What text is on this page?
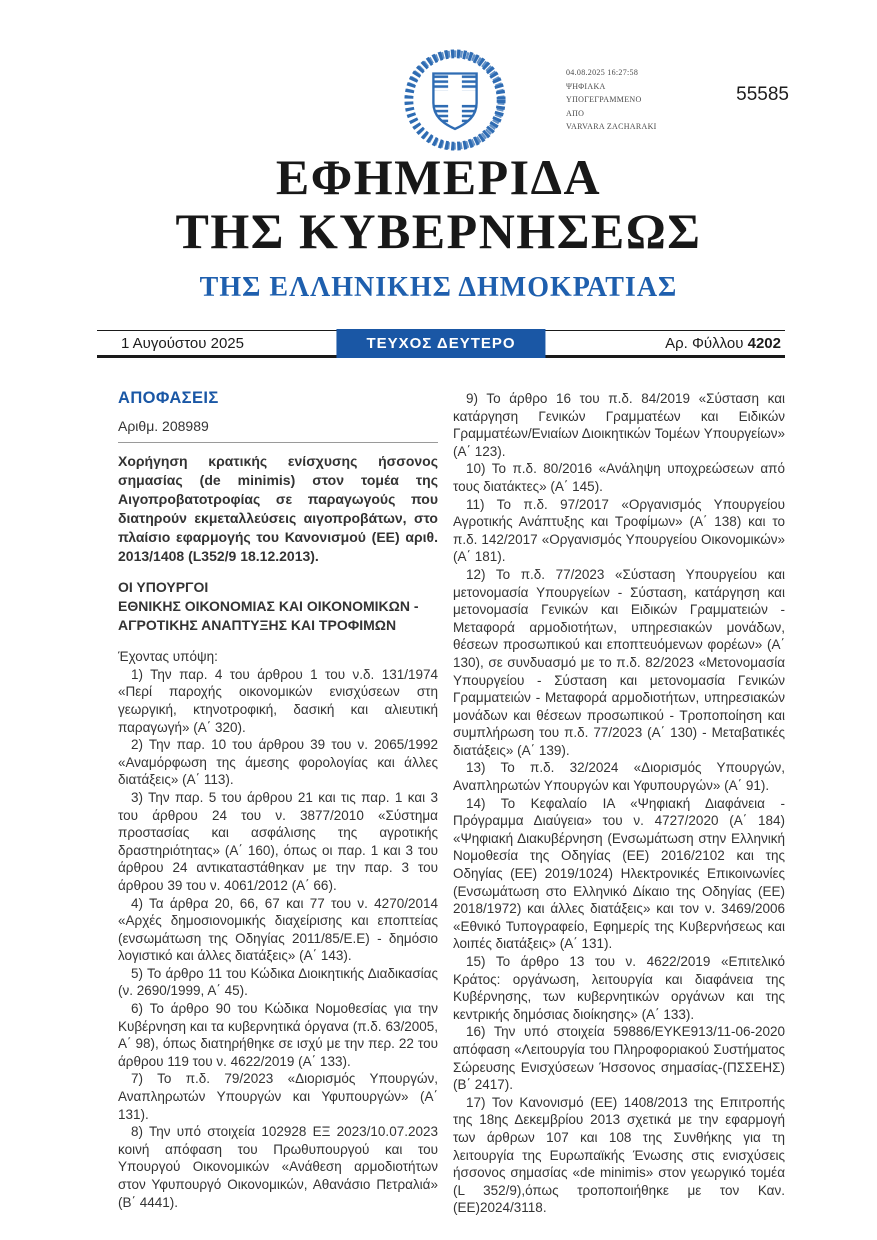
04.08.2025 16:27:58
ΨΗΦΙΑΚΑ
ΥΠΟΓΕΓΡΑΜΜΕΝΟ
ΑΠΟ
VARVARA ZACHARAKI
55585
ΕΦΗΜΕΡΙΔΑ
ΤΗΣ ΚΥΒΕΡΝΗΣΕΩΣ
ΤΗΣ ΕΛΛΗΝΙΚΗΣ ΔΗΜΟΚΡΑΤΙΑΣ
1 Αυγούστου 2025	ΤΕΥΧΟΣ ΔΕΥΤΕΡΟ	Αρ. Φύλλου 4202
ΑΠΟΦΑΣΕΙΣ
Αριθμ. 208989

Χορήγηση κρατικής ενίσχυσης ήσσονος σημασίας (de minimis) στον τομέα της Αιγοπροβατοτροφίας σε παραγωγούς που διατηρούν εκμεταλλεύσεις αιγοπροβάτων, στο πλαίσιο εφαρμογής του Κανονισμού (ΕΕ) αριθ. 2013/1408 (L352/9 18.12.2013).

ΟΙ ΥΠΟΥΡΓΟΙ
ΕΘΝΙΚΗΣ ΟΙΚΟΝΟΜΙΑΣ ΚΑΙ ΟΙΚΟΝΟΜΙΚΩΝ -
ΑΓΡΟΤΙΚΗΣ ΑΝΑΠΤΥΞΗΣ ΚΑΙ ΤΡΟΦΙΜΩΝ

Έχοντας υπόψη:

1) Την παρ. 4 του άρθρου 1 του ν.δ. 131/1974 «Περί παροχής οικονομικών ενισχύσεων στη γεωργική, κτηνοτροφική, δασική και αλιευτική παραγωγή» (Α΄ 320).

2) Την παρ. 10 του άρθρου 39 του ν. 2065/1992 «Αναμόρφωση της άμεσης φορολογίας και άλλες διατάξεις» (Α΄ 113).

3) Την παρ. 5 του άρθρου 21 και τις παρ. 1 και 3 του άρθρου 24 του ν. 3877/2010 «Σύστημα προστασίας και ασφάλισης της αγροτικής δραστηριότητας» (Α΄ 160), όπως οι παρ. 1 και 3 του άρθρου 24 αντικαταστάθηκαν με την παρ. 3 του άρθρου 39 του ν. 4061/2012 (Α΄ 66).

4) Τα άρθρα 20, 66, 67 και 77 του ν. 4270/2014 «Αρχές δημοσιονομικής διαχείρισης και εποπτείας (ενσωμάτωση της Οδηγίας 2011/85/Ε.Ε) - δημόσιο λογιστικό και άλλες διατάξεις» (Α΄ 143).

5) Το άρθρο 11 του Κώδικα Διοικητικής Διαδικασίας (ν. 2690/1999, Α΄ 45).

6) Το άρθρο 90 του Κώδικα Νομοθεσίας για την Κυβέρνηση και τα κυβερνητικά όργανα (π.δ. 63/2005, Α΄ 98), όπως διατηρήθηκε σε ισχύ με την περ. 22 του άρθρου 119 του ν. 4622/2019 (Α΄ 133).

7) Το π.δ. 79/2023 «Διορισμός Υπουργών, Αναπληρωτών Υπουργών και Υφυπουργών» (Α΄ 131).

8) Την υπό στοιχεία 102928 ΕΞ 2023/10.07.2023 κοινή απόφαση του Πρωθυπουργού και του Υπουργού Οικονομικών «Ανάθεση αρμοδιοτήτων στον Υφυπουργό Οικονομικών, Αθανάσιο Πετραλιά» (Β΄ 4441).

9) Το άρθρο 16 του π.δ. 84/2019 «Σύσταση και κατάργηση Γενικών Γραμματέων και Ειδικών Γραμματέων/Ενιαίων Διοικητικών Τομέων Υπουργείων» (Α΄ 123).

10) Το π.δ. 80/2016 «Ανάληψη υποχρεώσεων από τους διατάκτες» (Α΄ 145).

11) Το π.δ. 97/2017 «Οργανισμός Υπουργείου Αγροτικής Ανάπτυξης και Τροφίμων» (Α΄ 138) και το π.δ. 142/2017 «Οργανισμός Υπουργείου Οικονομικών» (Α΄ 181).

12) Το π.δ. 77/2023 «Σύσταση Υπουργείου και μετονομασία Υπουργείων - Σύσταση, κατάργηση και μετονομασία Γενικών και Ειδικών Γραμματειών - Μεταφορά αρμοδιοτήτων, υπηρεσιακών μονάδων, θέσεων προσωπικού και εποπτευόμενων φορέων» (Α΄ 130), σε συνδυασμό με το π.δ. 82/2023 «Μετονομασία Υπουργείου - Σύσταση και μετονομασία Γενικών Γραμματειών - Μεταφορά αρμοδιοτήτων, υπηρεσιακών μονάδων και θέσεων προσωπικού - Τροποποίηση και συμπλήρωση του π.δ. 77/2023 (Α΄ 130) - Μεταβατικές διατάξεις» (Α΄ 139).

13) Το π.δ. 32/2024 «Διορισμός Υπουργών, Αναπληρωτών Υπουργών και Υφυπουργών» (Α΄ 91).

14) Το Κεφαλαίο ΙΑ «Ψηφιακή Διαφάνεια - Πρόγραμμα Διαύγεια» του ν. 4727/2020 (Α΄ 184) «Ψηφιακή Διακυβέρνηση (Ενσωμάτωση στην Ελληνική Νομοθεσία της Οδηγίας (ΕΕ) 2016/2102 και της Οδηγίας (ΕΕ) 2019/1024) Ηλεκτρονικές Επικοινωνίες (Ενσωμάτωση στο Ελληνικό Δίκαιο της Οδηγίας (ΕΕ) 2018/1972) και άλλες διατάξεις» και τον ν. 3469/2006 «Εθνικό Τυπογραφείο, Εφημερίς της Κυβερνήσεως και λοιπές διατάξεις» (Α΄ 131).

15) Το άρθρο 13 του ν. 4622/2019 «Επιτελικό Κράτος: οργάνωση, λειτουργία και διαφάνεια της Κυβέρνησης, των κυβερνητικών οργάνων και της κεντρικής δημόσιας διοίκησης» (Α΄ 133).

16) Την υπό στοιχεία 59886/ΕΥΚΕ913/11-06-2020 απόφαση «Λειτουργία του Πληροφοριακού Συστήματος Σώρευσης Ενισχύσεων Ήσσονος σημασίας-(ΠΣΣΕΗΣ) (Β΄ 2417).

17) Τον Κανονισμό (ΕΕ) 1408/2013 της Επιτροπής της 18ης Δεκεμβρίου 2013 σχετικά με την εφαρμογή των άρθρων 107 και 108 της Συνθήκης για τη λειτουργία της Ευρωπαϊκής Ένωσης στις ενισχύσεις ήσσονος σημασίας «de minimis» στον γεωργικό τομέα (L 352/9),όπως τροποποιήθηκε με τον Καν.(ΕΕ)2024/3118.
